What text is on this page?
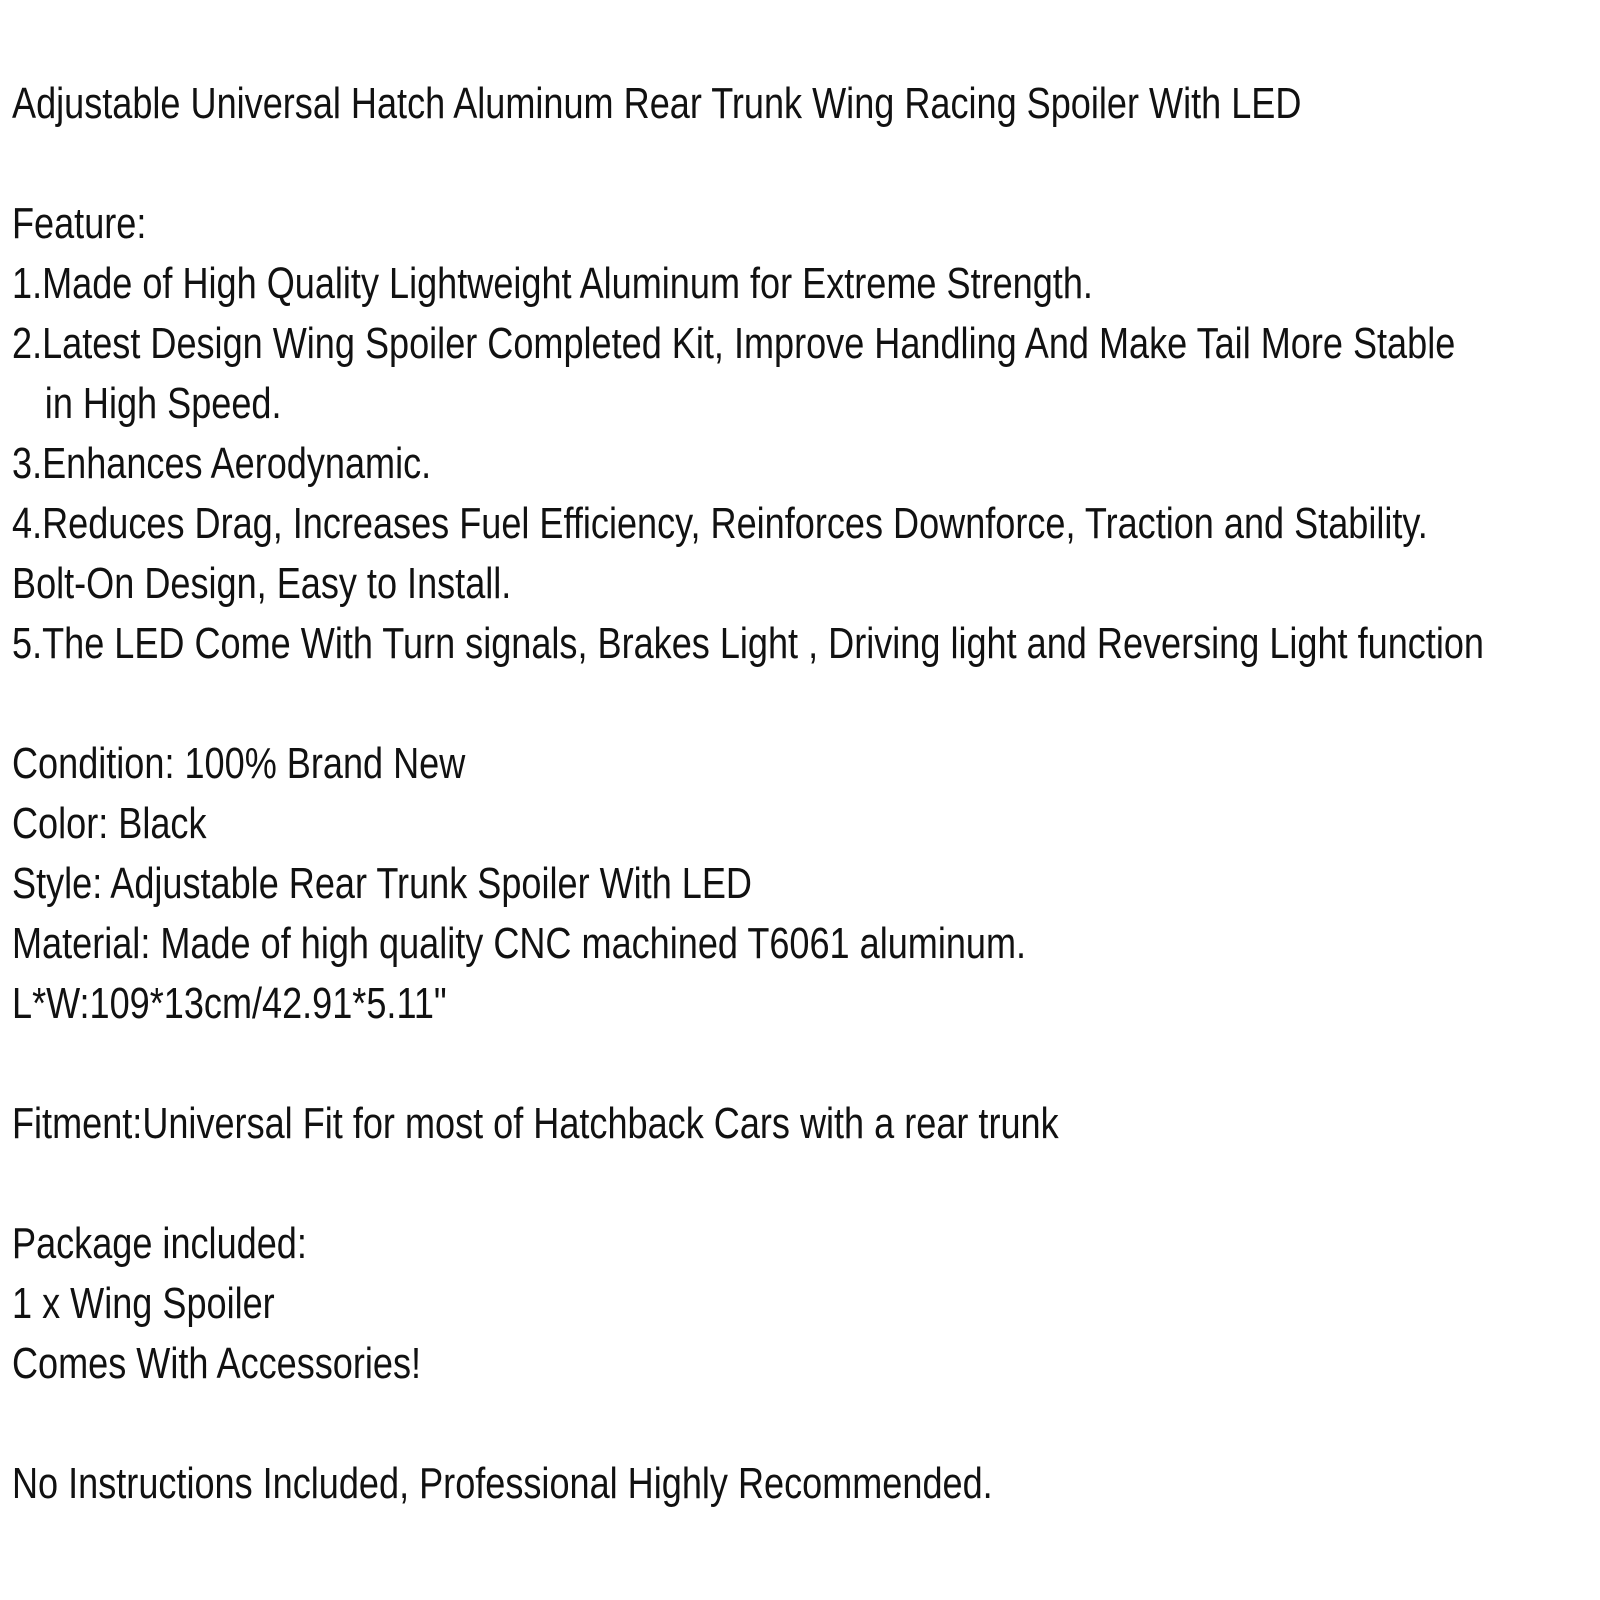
Adjustable Universal Hatch Aluminum Rear Trunk Wing Racing Spoiler With LED
Feature:
1.Made of High Quality Lightweight Aluminum for Extreme Strength.
2.Latest Design Wing Spoiler Completed Kit, Improve Handling And Make Tail More Stable
in High Speed.
3.Enhances Aerodynamic.
4.Reduces Drag, Increases Fuel Efficiency, Reinforces Downforce, Traction and Stability.
Bolt-On Design, Easy to Install.
5.The LED Come With Turn signals, Brakes Light , Driving light and Reversing Light function
Condition: 100% Brand New
Color: Black
Style: Adjustable Rear Trunk Spoiler With LED
Material: Made of high quality CNC machined T6061 aluminum.
L*W:109*13cm/42.91*5.11"
Fitment:Universal Fit for most of Hatchback Cars with a rear trunk
Package included:
1 x Wing Spoiler
Comes With Accessories!
No Instructions Included, Professional Highly Recommended.
